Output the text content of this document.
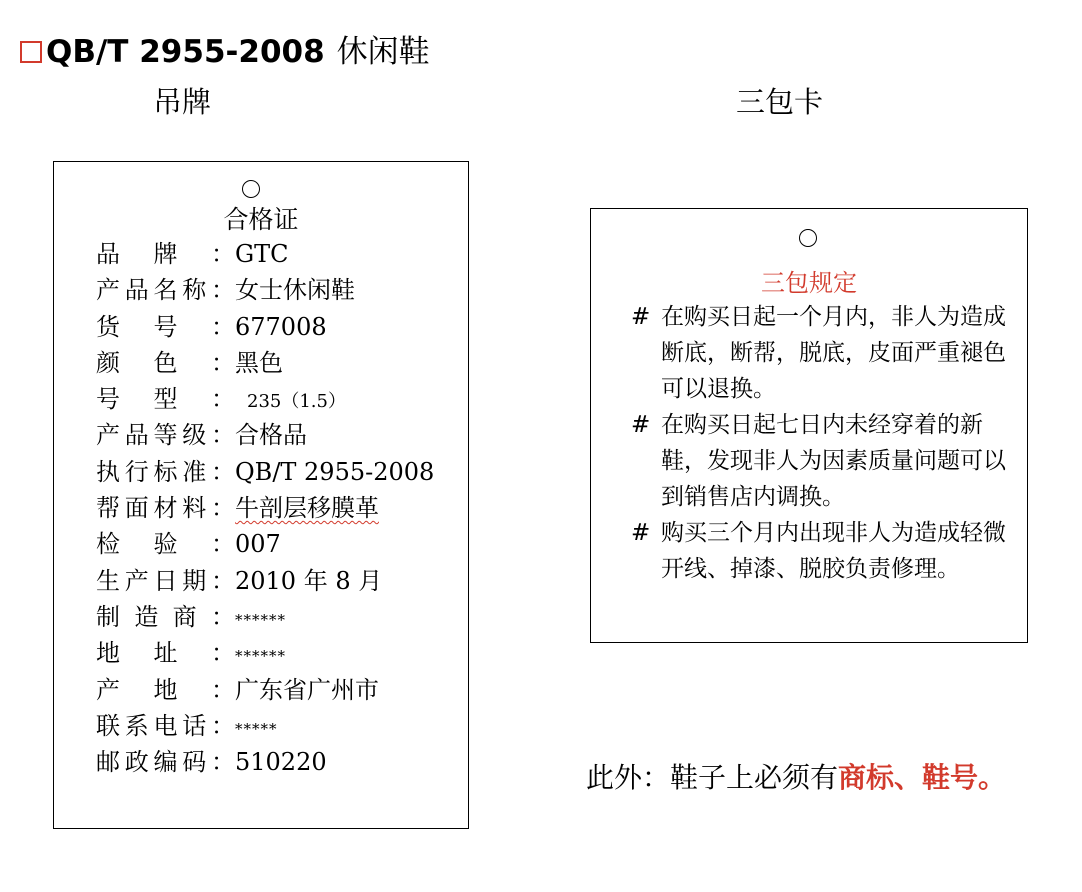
QB/T 2955-2008 休闲鞋
吊牌	三包卡
合格证
品牌：GTC
产品名称：女士休闲鞋
货号：677008
颜色：黑色
号型： 235（1.5）
产品等级：合格品
执行标准：QB/T 2955-2008
帮面材料：牛剖层移膜革
检验：007
生产日期：2010 年 8 月
制造商：******
地址：******
产地：广东省广州市
联系电话：*****
邮政编码：510220
三包规定
# 在购买日起一个月内，非人为造成断底，断帮，脱底，皮面严重褪色可以退换。
# 在购买日起七日内未经穿着的新鞋，发现非人为因素质量问题可以到销售店内调换。
# 购买三个月内出现非人为造成轻微开线、掉漆、脱胶负责修理。
此外：鞋子上必须有商标、鞋号。
